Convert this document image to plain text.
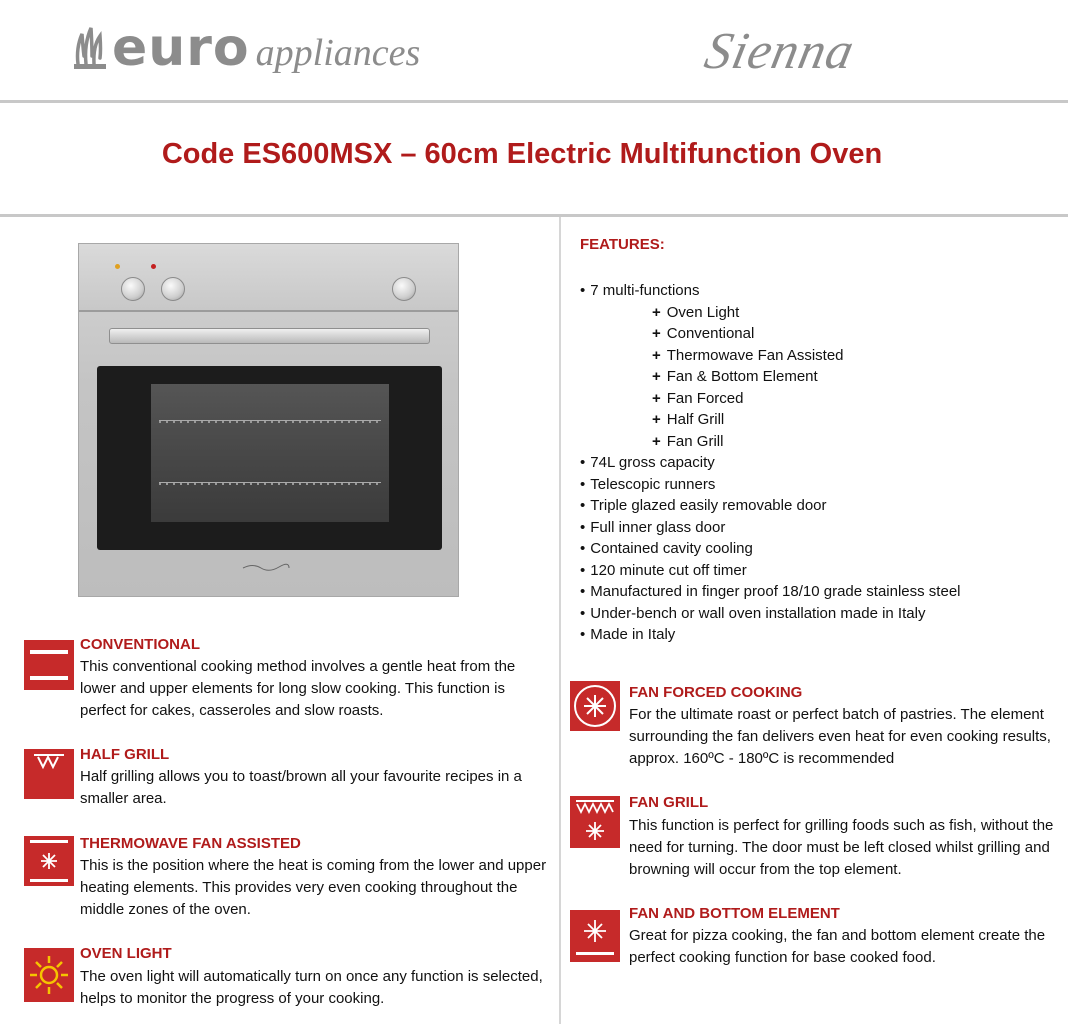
euro appliances	Sienna
Code ES600MSX – 60cm Electric Multifunction Oven
CONVENTIONAL
This conventional cooking method involves a gentle heat from the lower and upper elements for long slow cooking. This function is perfect for cakes, casseroles and slow roasts.
HALF GRILL
Half grilling allows you to toast/brown all your favourite recipes in a smaller area.
THERMOWAVE FAN ASSISTED
This is the position where the heat is coming from the lower and upper heating elements. This provides very even cooking throughout the middle zones of the oven.
OVEN LIGHT
The oven light will automatically turn on once any function is selected, helps to monitor the progress of your cooking.
FEATURES:
• 7 multi-functions
+ Oven Light
+ Conventional
+ Thermowave Fan Assisted
+ Fan & Bottom Element
+ Fan Forced
+ Half Grill
+ Fan Grill
• 74L gross capacity
• Telescopic runners
• Triple glazed easily removable door
• Full inner glass door
• Contained cavity cooling
• 120 minute cut off timer
• Manufactured in finger proof 18/10 grade stainless steel
• Under-bench or wall oven installation made in Italy
• Made in Italy
FAN FORCED COOKING
For the ultimate roast or perfect batch of pastries. The element surrounding the fan delivers even heat for even cooking results, approx. 160ºC - 180ºC is recommended
FAN GRILL
This function is perfect for grilling foods such as fish, without the need for turning. The door must be left closed whilst grilling and browning will occur from the top element.
FAN AND BOTTOM ELEMENT
Great for pizza cooking, the fan and bottom element create the perfect cooking function for base cooked food.
